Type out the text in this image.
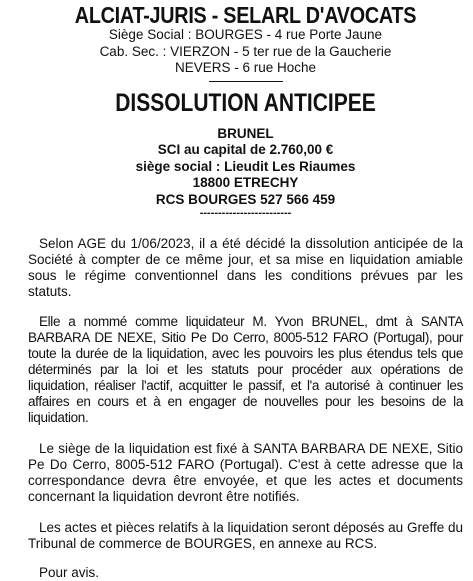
ALCIAT-JURIS - SELARL D'AVOCATS
Siège Social : BOURGES - 4 rue Porte Jaune
Cab. Sec. : VIERZON - 5 ter rue de la Gaucherie
NEVERS - 6 rue Hoche
DISSOLUTION ANTICIPEE
BRUNEL
SCI au capital de 2.760,00 €
siège social : Lieudit Les Riaumes
18800 ETRECHY
RCS BOURGES 527 566 459
-------------------------

Selon AGE du 1/06/2023, il a été décidé la dissolution anticipée de la Société à compter de ce même jour, et sa mise en liquidation amiable sous le régime conventionnel dans les conditions prévues par les statuts.

Elle a nommé comme liquidateur M. Yvon BRUNEL, dmt à SANTA BARBARA DE NEXE, Sitio Pe Do Cerro, 8005-512 FARO (Portugal), pour toute la durée de la liquidation, avec les pouvoirs les plus étendus tels que déterminés par la loi et les statuts pour procéder aux opérations de liquidation, réaliser l'actif, acquitter le passif, et l'a autorisé à continuer les affaires en cours et à en engager de nouvelles pour les besoins de la liquidation.

Le siège de la liquidation est fixé à SANTA BARBARA DE NEXE, Sitio Pe Do Cerro, 8005-512 FARO (Portugal). C'est à cette adresse que la correspondance devra être envoyée, et que les actes et documents concernant la liquidation devront être notifiés.

Les actes et pièces relatifs à la liquidation seront déposés au Greffe du Tribunal de commerce de BOURGES, en annexe au RCS.

Pour avis.
